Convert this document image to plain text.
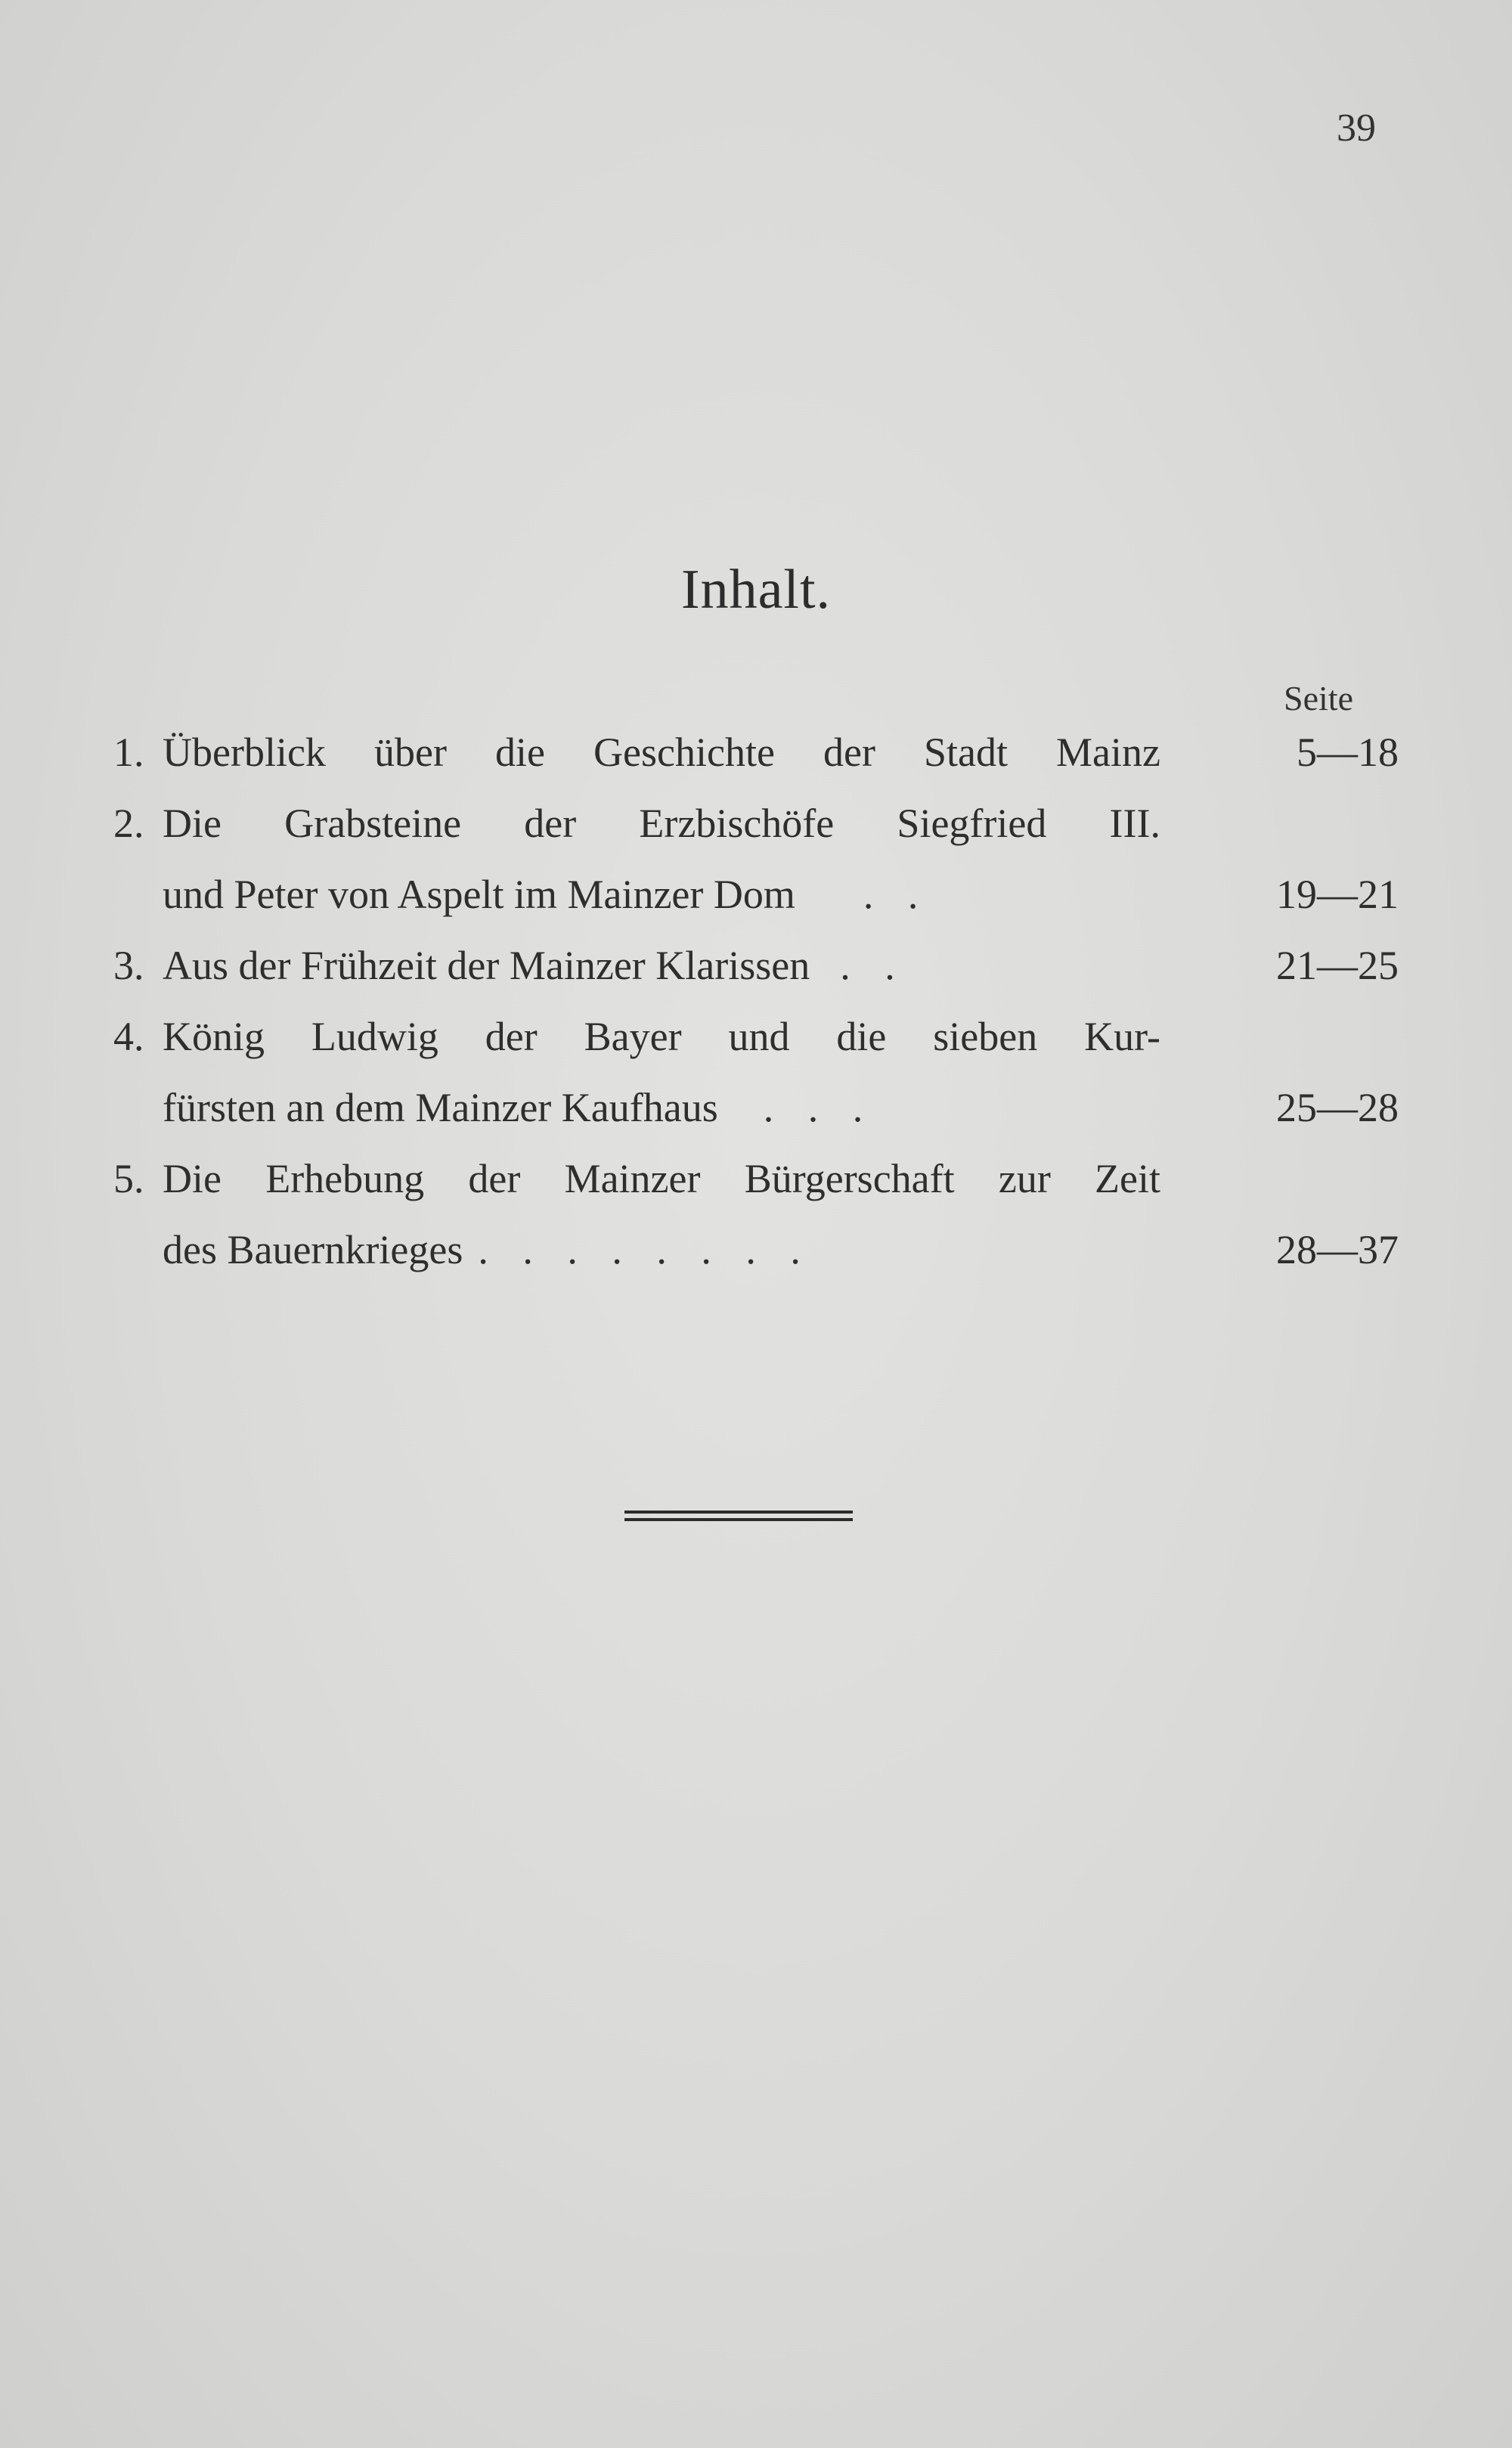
39
Inhalt.
Seite
1. Überblick über die Geschichte der Stadt Mainz	5—18
2. Die Grabsteine der Erzbischöfe Siegfried III.
und Peter von Aspelt im Mainzer Dom . .	19—21
3. Aus der Frühzeit der Mainzer Klarissen . .	21—25
4. König Ludwig der Bayer und die sieben Kur-
fürsten an dem Mainzer Kaufhaus . . .	25—28
5. Die Erhebung der Mainzer Bürgerschaft zur Zeit
des Bauernkrieges . . . . . . . .	28—37
